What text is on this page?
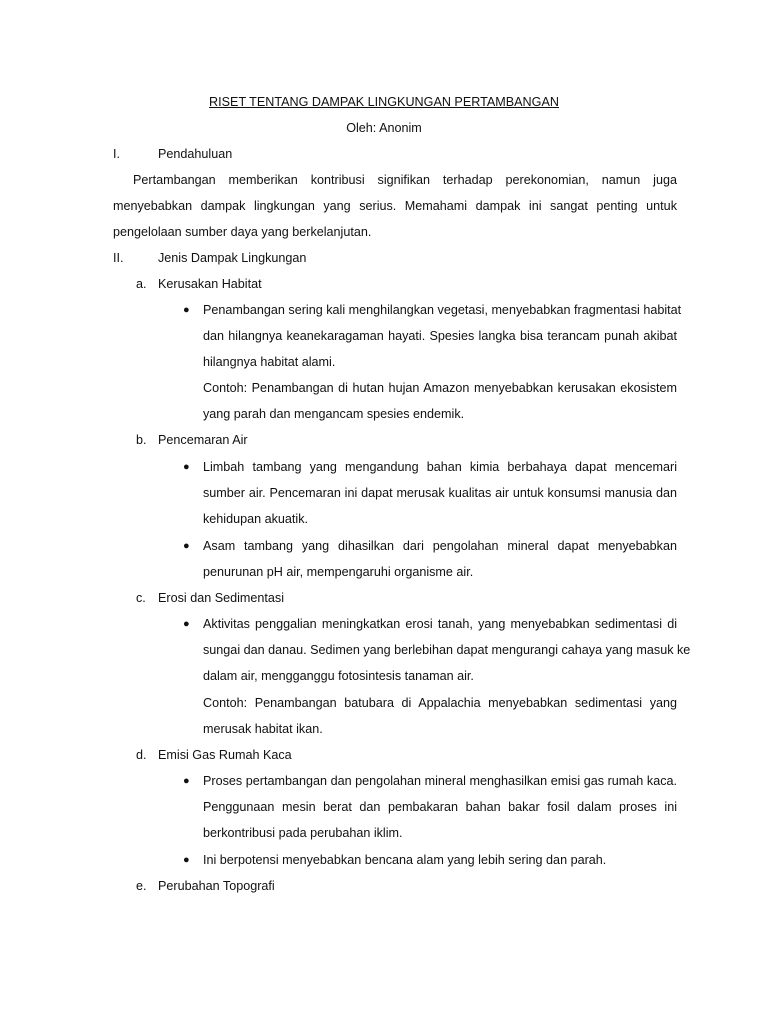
RISET TENTANG DAMPAK LINGKUNGAN PERTAMBANGAN
Oleh: Anonim
I.	Pendahuluan
Pertambangan memberikan kontribusi signifikan terhadap perekonomian, namun juga
menyebabkan dampak lingkungan yang serius. Memahami dampak ini sangat penting untuk
pengelolaan sumber daya yang berkelanjutan.
II.	Jenis Dampak Lingkungan
a. Kerusakan Habitat
● Penambangan sering kali menghilangkan vegetasi, menyebabkan fragmentasi habitat
dan hilangnya keanekaragaman hayati. Spesies langka bisa terancam punah akibat
hilangnya habitat alami.
Contoh: Penambangan di hutan hujan Amazon menyebabkan kerusakan ekosistem
yang parah dan mengancam spesies endemik.
b. Pencemaran Air
● Limbah tambang yang mengandung bahan kimia berbahaya dapat mencemari
sumber air. Pencemaran ini dapat merusak kualitas air untuk konsumsi manusia dan
kehidupan akuatik.
● Asam tambang yang dihasilkan dari pengolahan mineral dapat menyebabkan
penurunan pH air, mempengaruhi organisme air.
c. Erosi dan Sedimentasi
● Aktivitas penggalian meningkatkan erosi tanah, yang menyebabkan sedimentasi di
sungai dan danau. Sedimen yang berlebihan dapat mengurangi cahaya yang masuk ke
dalam air, mengganggu fotosintesis tanaman air.
Contoh: Penambangan batubara di Appalachia menyebabkan sedimentasi yang
merusak habitat ikan.
d. Emisi Gas Rumah Kaca
● Proses pertambangan dan pengolahan mineral menghasilkan emisi gas rumah kaca.
Penggunaan mesin berat dan pembakaran bahan bakar fosil dalam proses ini
berkontribusi pada perubahan iklim.
● Ini berpotensi menyebabkan bencana alam yang lebih sering dan parah.
e. Perubahan Topografi
